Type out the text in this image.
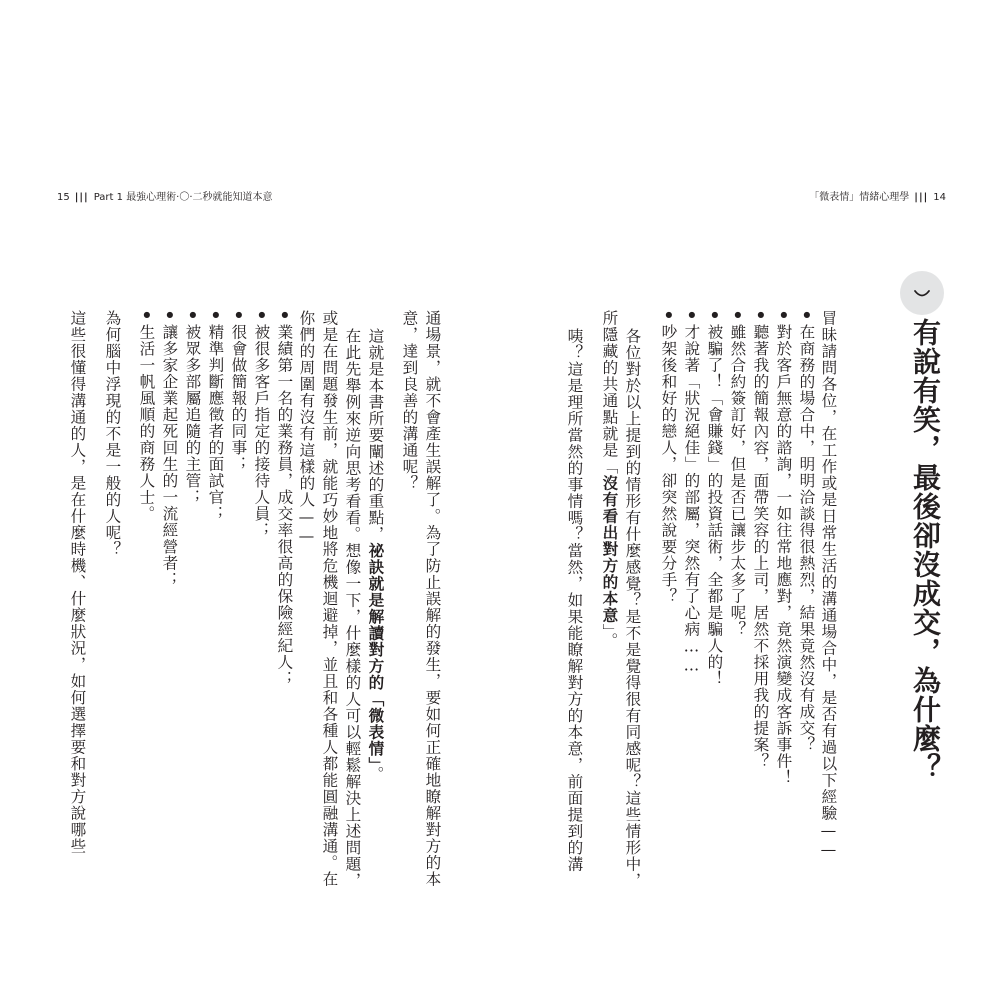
15 ||| Part 1 最強心理術‧〇‧二秒就能知道本意	「微表情」情緒心理學 ||| 14
有說有笑，最後卻沒成交，為什麼？
冒昧請問各位，在工作或是日常生活的溝通場合中，是否有過以下經驗——
● 在商務的場合中，明明洽談得很熱烈，結果竟然沒有成交？
● 對於客戶無意的諮詢，一如往常地應對，竟然演變成客訴事件！
● 聽著我的簡報內容，面帶笑容的上司，居然不採用我的提案？
● 雖然合約簽訂好，但是否已讓步太多了呢？
● 被騙了！「會賺錢」的投資話術，全都是騙人的！
● 才說著「狀況絕佳」的部屬，突然有了心病……
● 吵架後和好的戀人，卻突然說要分手？
各位對於以上提到的情形有什麼感覺？是不是覺得很有同感呢？這些情形中，
所隱藏的共通點就是「沒有看出對方的本意」。
咦？這是理所當然的事情嗎？當然，如果能瞭解對方的本意，前面提到的溝
通場景，就不會產生誤解了。為了防止誤解的發生，要如何正確地瞭解對方的本
意，達到良善的溝通呢？
這就是本書所要闡述的重點，祕訣就是解讀對方的「微表情」。
在此先舉例來逆向思考看看。想像一下，什麼樣的人可以輕鬆解決上述問題，
或是在問題發生前，就能巧妙地將危機迴避掉，並且和各種人都能圓融溝通。在
你們的周圍有沒有這樣的人——
● 業績第一名的業務員，成交率很高的保險經紀人；
● 被很多客戶指定的接待人員；
● 很會做簡報的同事；
● 精準判斷應徵者的面試官；
● 被眾多部屬追隨的主管；
● 讓多家企業起死回生的一流經營者；
● 生活一帆風順的商務人士。
為何腦中浮現的不是一般的人呢？
這些很懂得溝通的人，是在什麼時機、什麼狀況，如何選擇要和對方說哪些
